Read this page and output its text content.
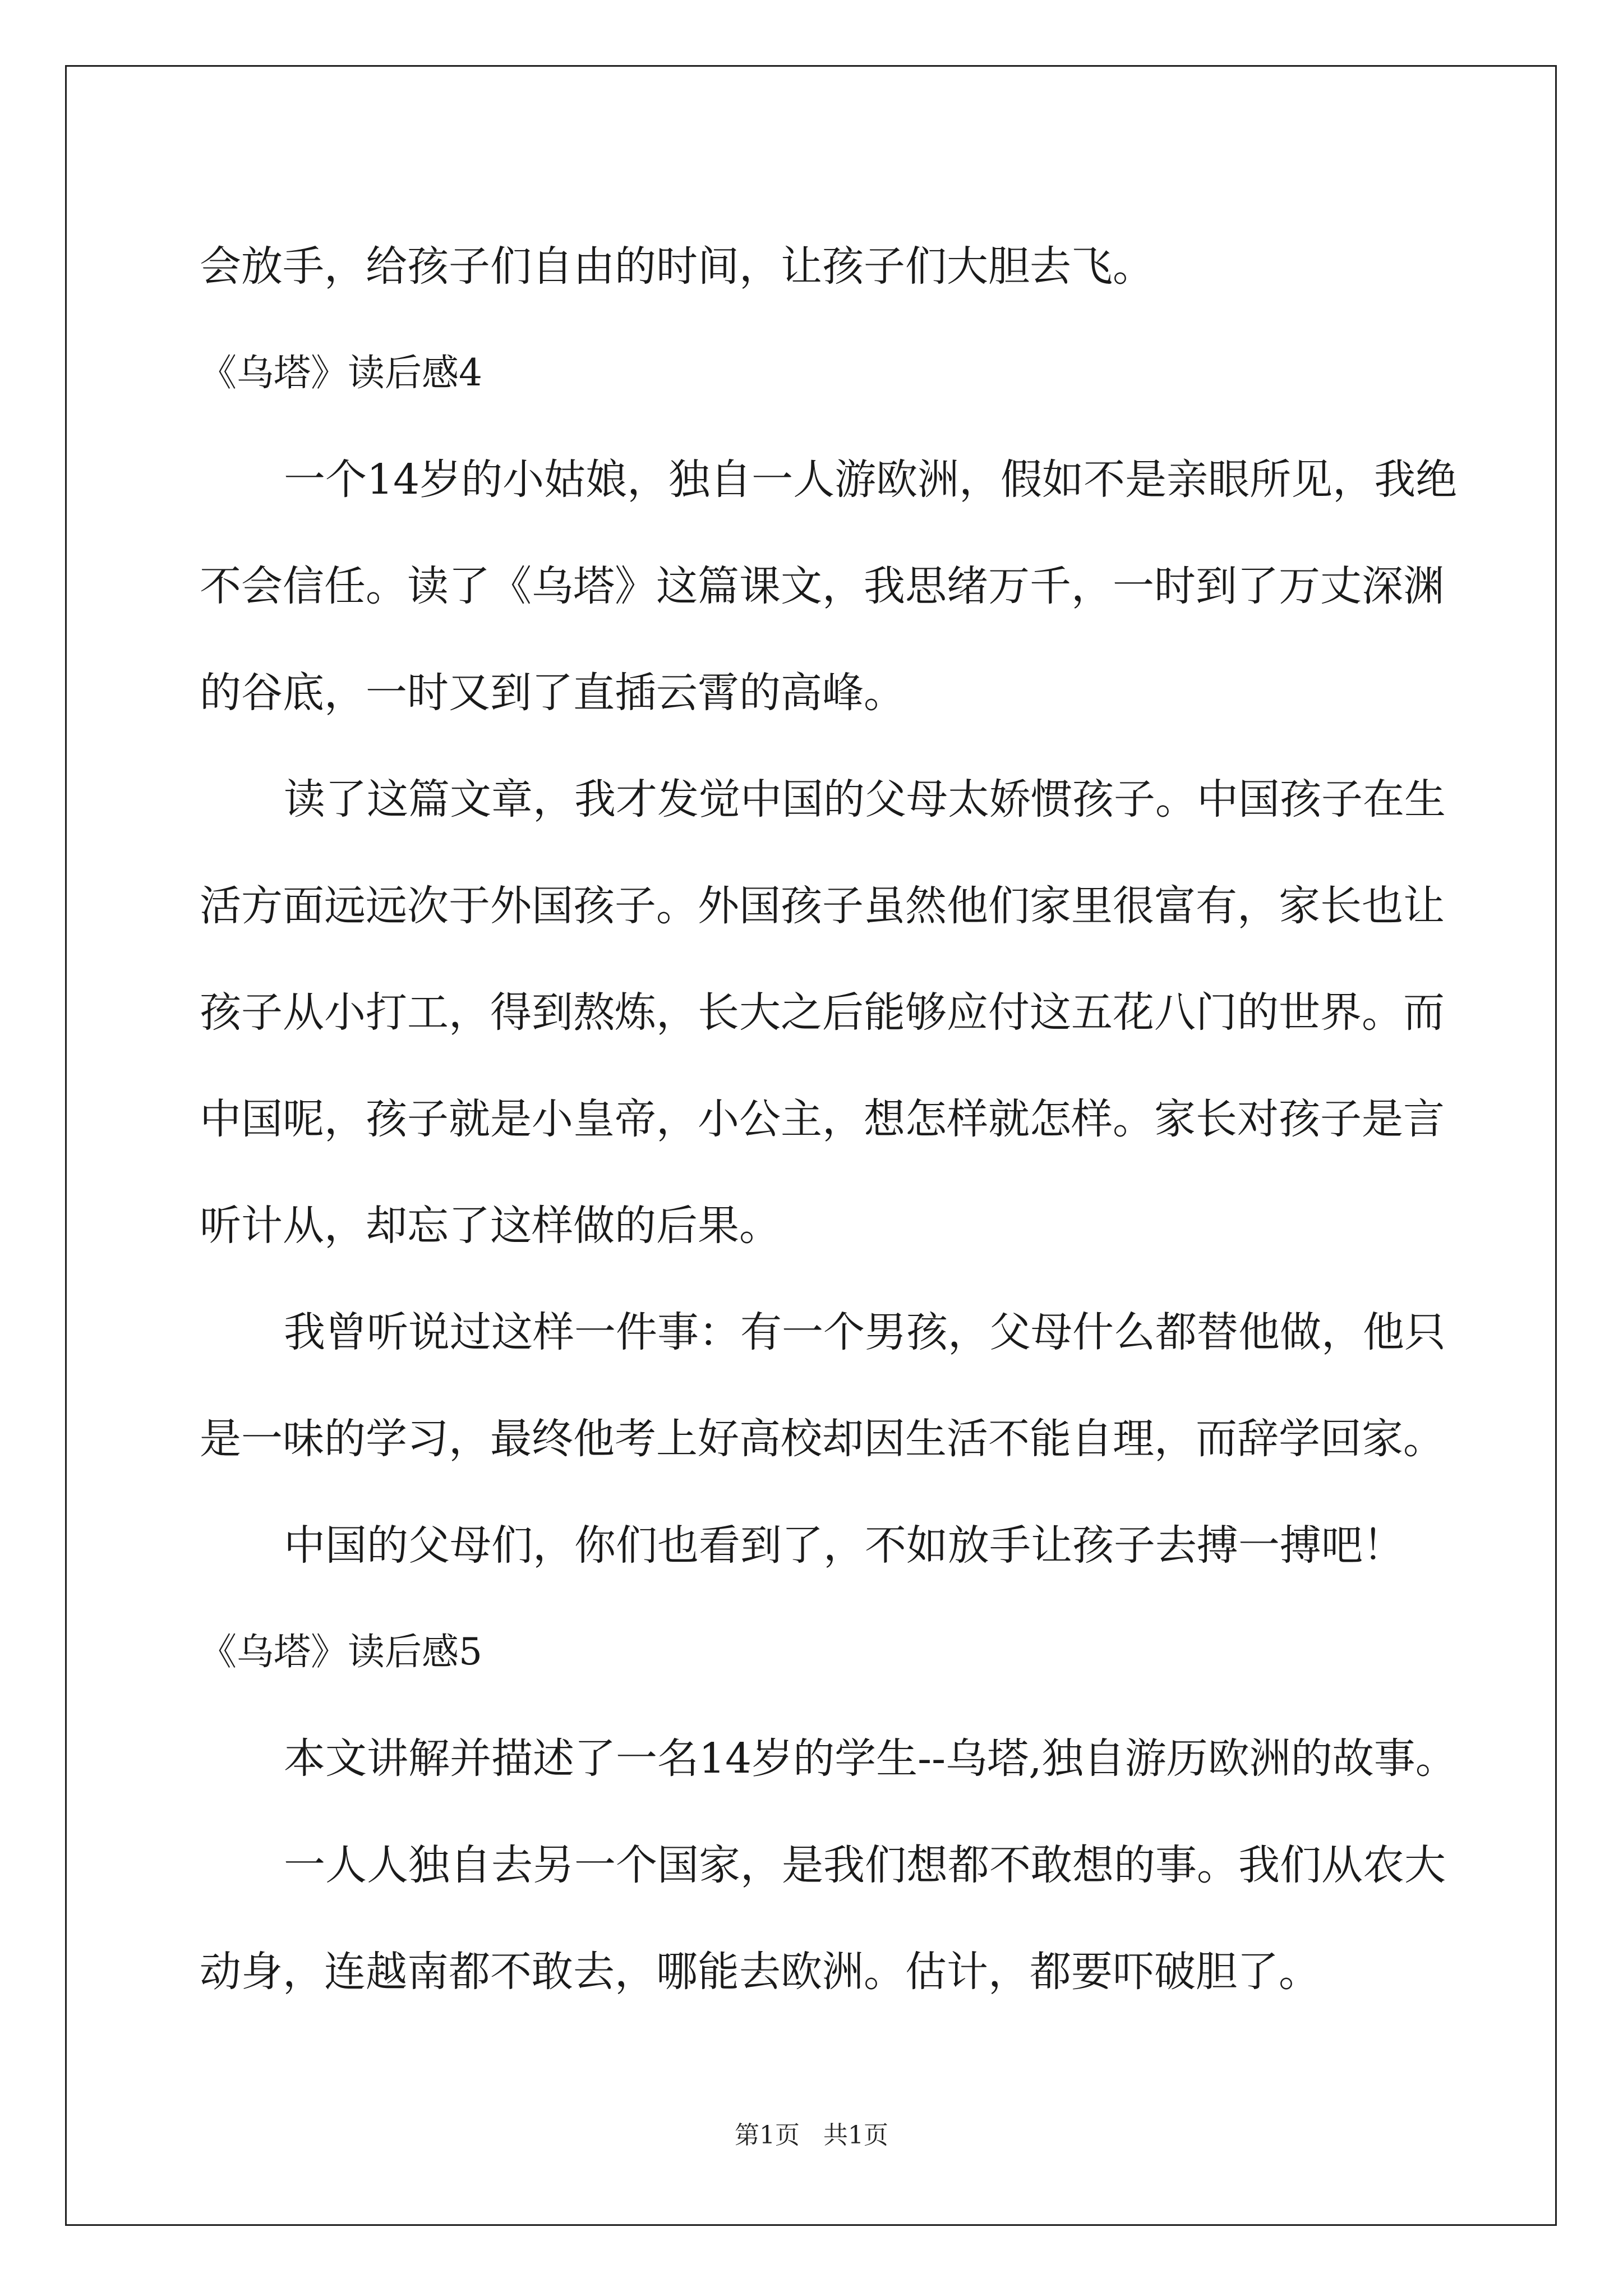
会放手，给孩子们自由的时间，让孩子们大胆去飞。
《乌塔》读后感4
一个14岁的小姑娘，独自一人游欧洲，假如不是亲眼所见，我绝
不会信任。读了《乌塔》这篇课文，我思绪万千，一时到了万丈深渊
的谷底，一时又到了直插云霄的高峰。
读了这篇文章，我才发觉中国的父母太娇惯孩子。中国孩子在生
活方面远远次于外国孩子。外国孩子虽然他们家里很富有，家长也让
孩子从小打工，得到熬炼，长大之后能够应付这五花八门的世界。而
中国呢，孩子就是小皇帝，小公主，想怎样就怎样。家长对孩子是言
听计从，却忘了这样做的后果。
我曾听说过这样一件事：有一个男孩，父母什么都替他做，他只
是一味的学习，最终他考上好高校却因生活不能自理，而辞学回家。
中国的父母们，你们也看到了，不如放手让孩子去搏一搏吧！
《乌塔》读后感5
本文讲解并描述了一名14岁的学生--乌塔,独自游历欧洲的故事。
一人人独自去另一个国家，是我们想都不敢想的事。我们从农大
动身，连越南都不敢去，哪能去欧洲。估计，都要吓破胆了。
第1页 共1页
